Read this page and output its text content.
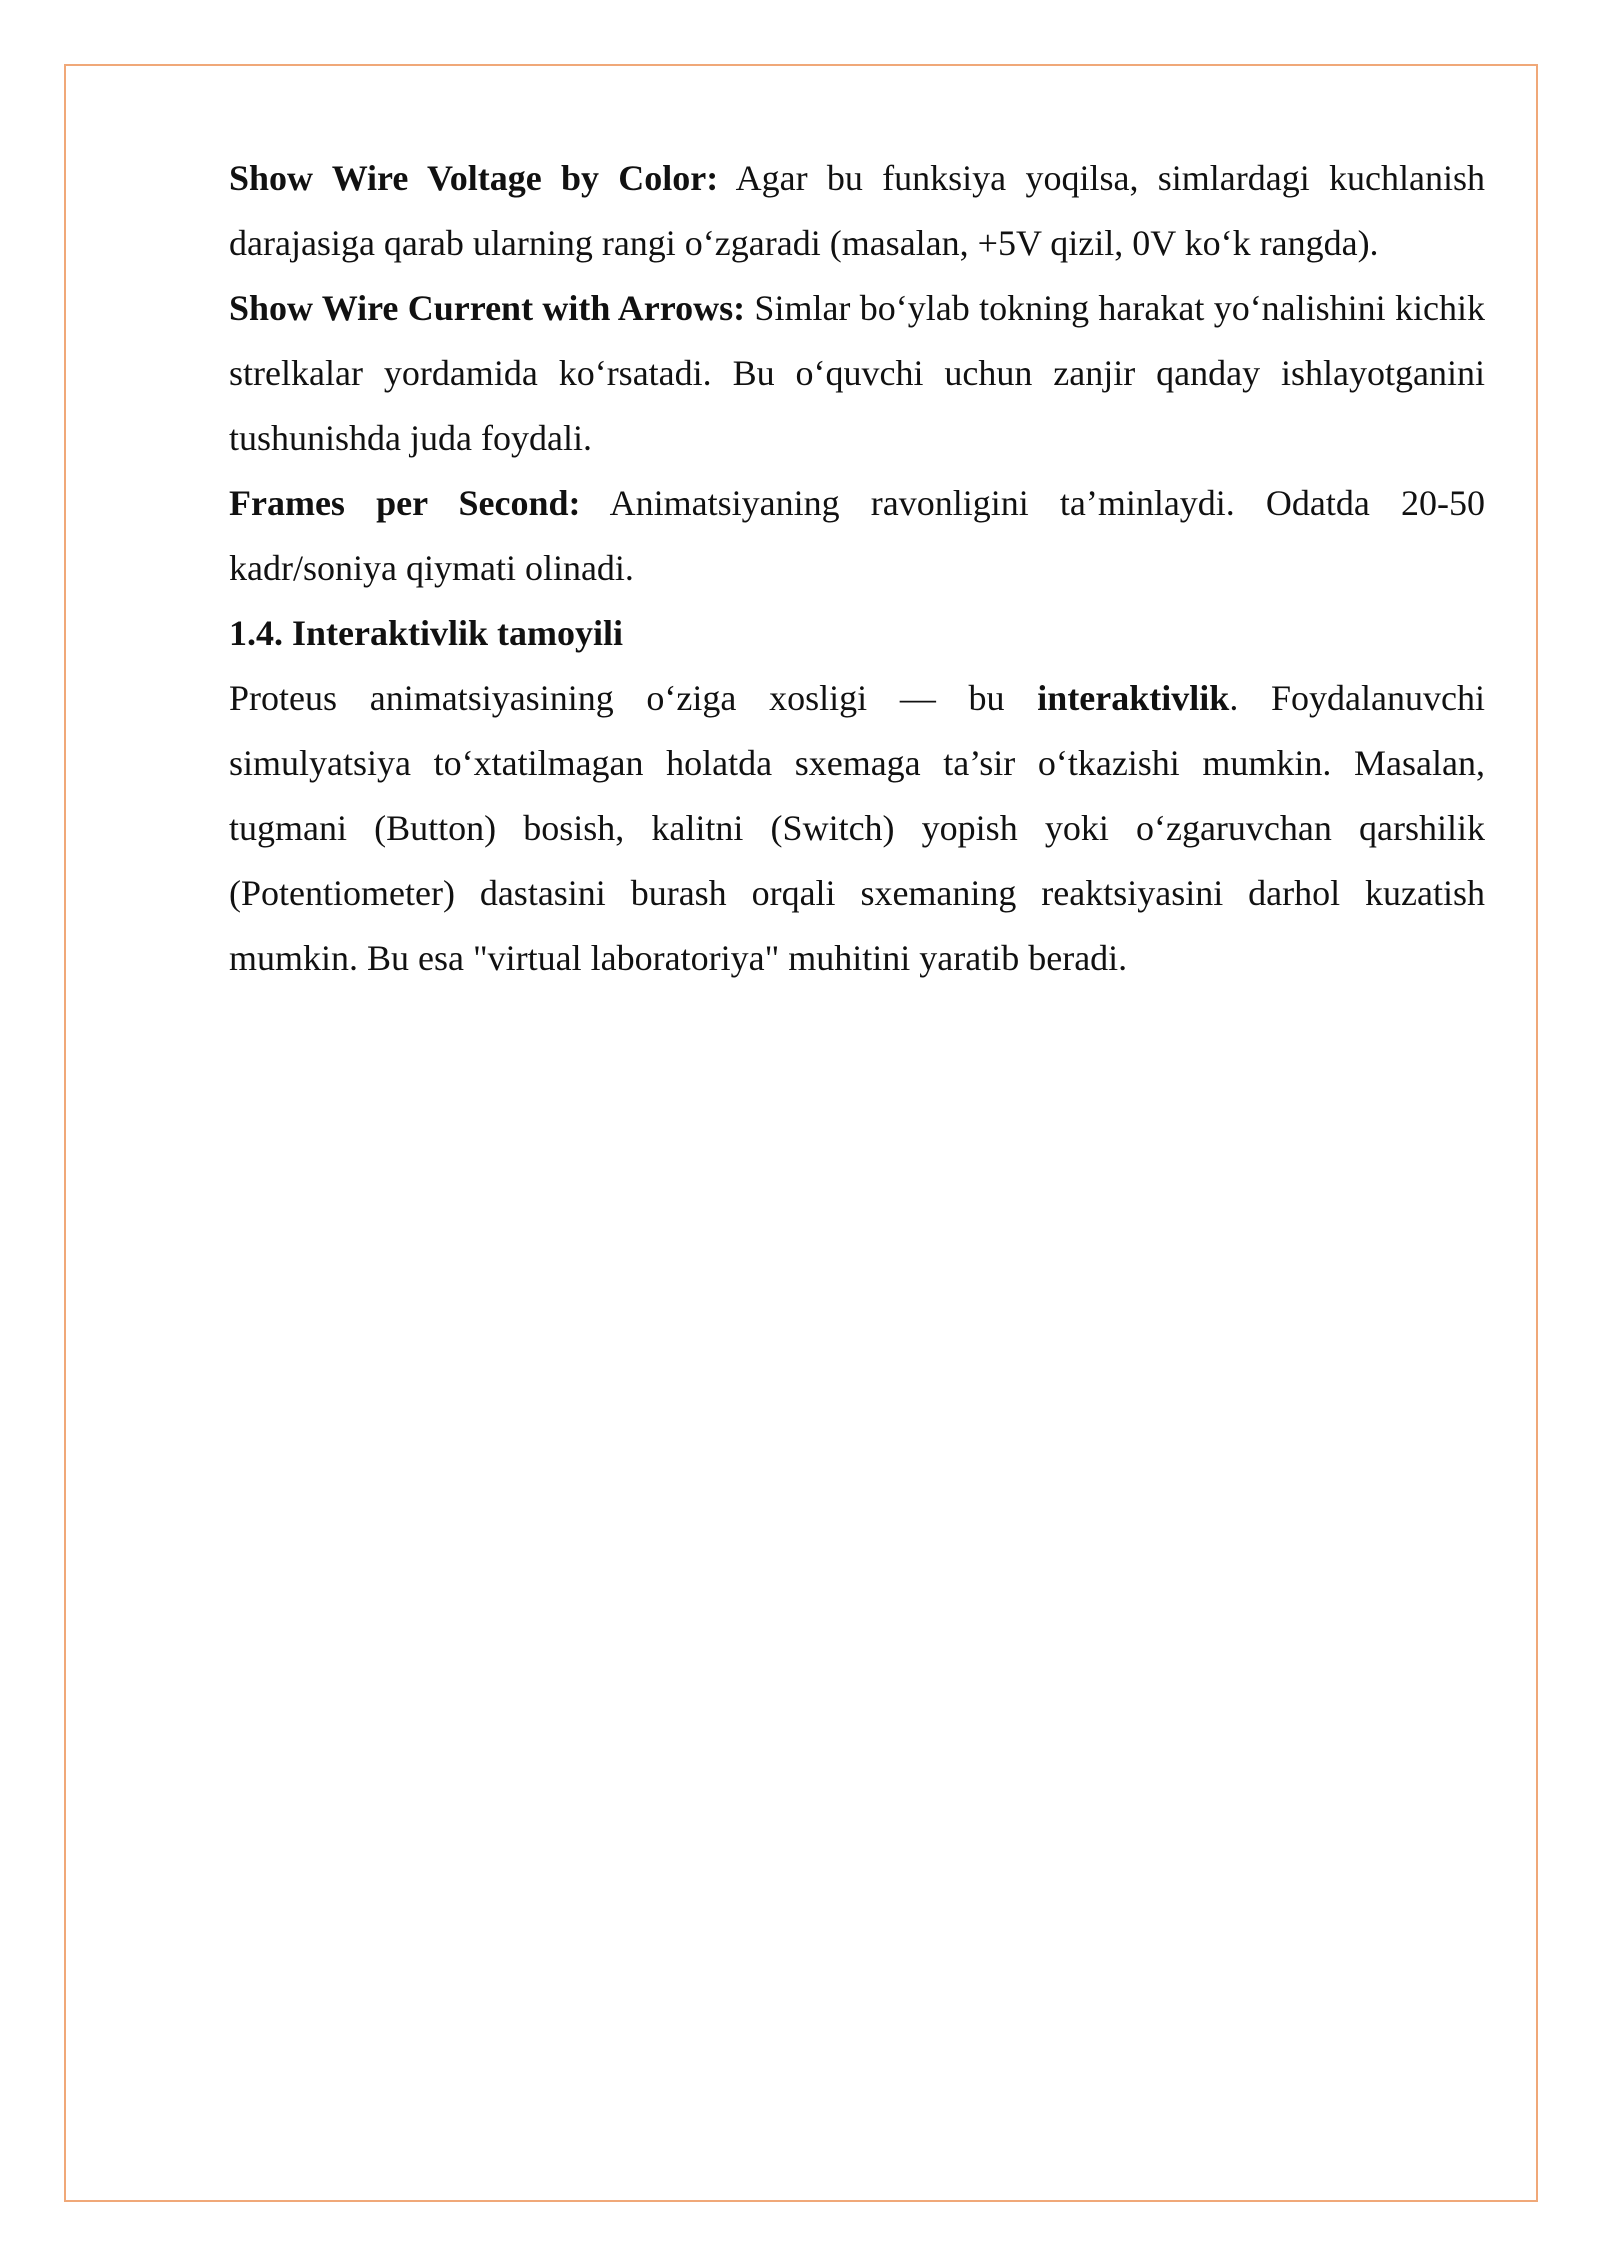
Show Wire Voltage by Color: Agar bu funksiya yoqilsa, simlardagi kuchlanish darajasiga qarab ularning rangi o‘zgaradi (masalan, +5V qizil, 0V ko‘k rangda).

Show Wire Current with Arrows: Simlar bo‘ylab tokning harakat yo‘nalishini kichik strelkalar yordamida ko‘rsatadi. Bu o‘quvchi uchun zanjir qanday ishlayotganini tushunishda juda foydali.

Frames per Second: Animatsiyaning ravonligini ta’minlaydi. Odatda 20-50 kadr/soniya qiymati olinadi.

1.4. Interaktivlik tamoyili

Proteus animatsiyasining o‘ziga xosligi — bu interaktivlik. Foydalanuvchi simulyatsiya to‘xtatilmagan holatda sxemaga ta’sir o‘tkazishi mumkin. Masalan, tugmani (Button) bosish, kalitni (Switch) yopish yoki o‘zgaruvchan qarshilik (Potentiometer) dastasini burash orqali sxemaning reaktsiyasini darhol kuzatish mumkin. Bu esa "virtual laboratoriya" muhitini yaratib beradi.
